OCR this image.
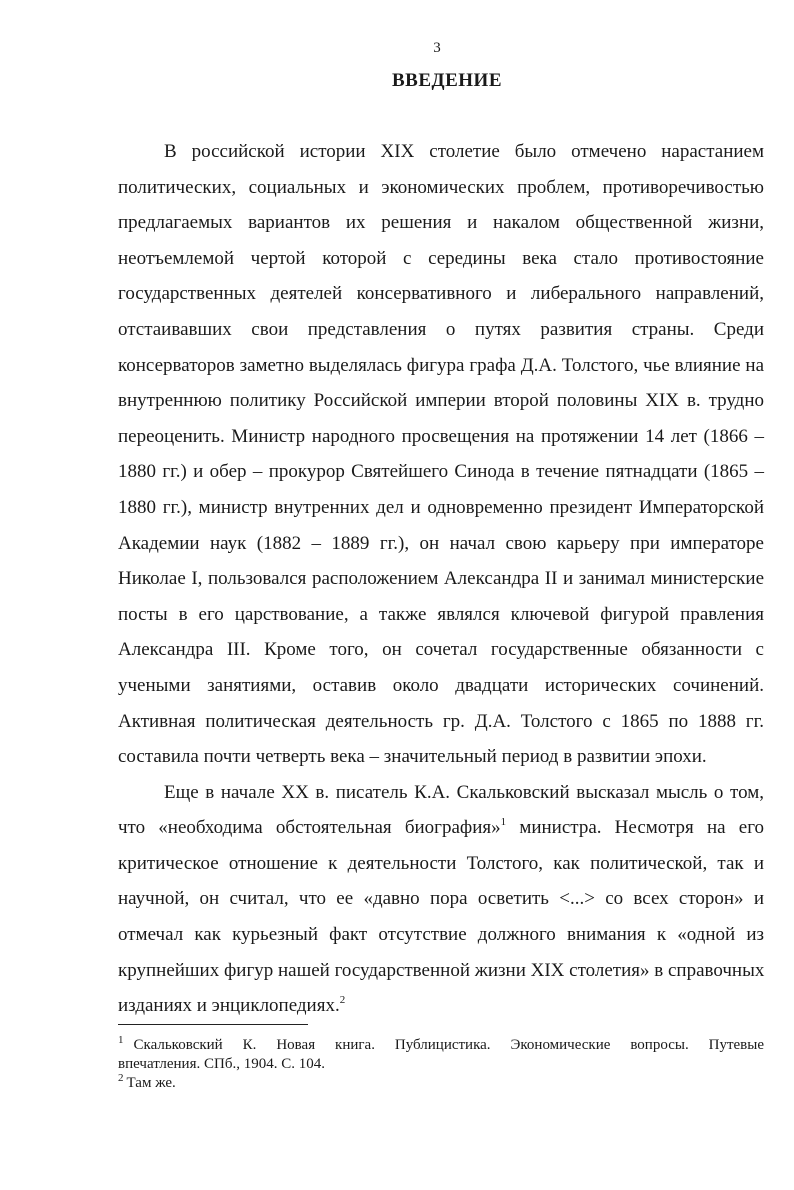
3
ВВЕДЕНИЕ

В российской истории XIX столетие было отмечено нарастанием
политических, социальных и экономических проблем, противоречивостью
предлагаемых вариантов их решения и накалом общественной жизни,
неотъемлемой чертой которой с середины века стало противостояние
государственных деятелей консервативного и либерального направлений,
отстаивавших свои представления о путях развития страны. Среди
консерваторов заметно выделялась фигура графа Д.А. Толстого, чье влияние на
внутреннюю политику Российской империи второй половины XIX в. трудно
переоценить. Министр народного просвещения на протяжении 14 лет (1866 –
1880 гг.) и обер – прокурор Святейшего Синода в течение пятнадцати (1865 –
1880 гг.), министр внутренних дел и одновременно президент Императорской
Академии наук (1882 – 1889 гг.), он начал свою карьеру при императоре
Николае I, пользовался расположением Александра II и занимал министерские
посты в его царствование, а также являлся ключевой фигурой правления
Александра III. Кроме того, он сочетал государственные обязанности с
учеными занятиями, оставив около двадцати исторических сочинений.
Активная политическая деятельность гр. Д.А. Толстого с 1865 по 1888 гг.
составила почти четверть века – значительный период в развитии эпохи.

Еще в начале XX в. писатель К.А. Скальковский высказал мысль о том,
что «необходима обстоятельная биография»$^1$ министра. Несмотря на его
критическое отношение к деятельности Толстого, как политической, так и
научной, он считал, что ее «давно пора осветить <...> со всех сторон» и
отмечал как курьезный факт отсутствие должного внимания к «одной из
крупнейших фигур нашей государственной жизни XIX столетия» в справочных
изданиях и энциклопедиях.$^2$

$^1$ Скальковский К. Новая книга. Публицистика. Экономические вопросы. Путевые
впечатления. СПб., 1904. С. 104.
$^2$ Там же.
